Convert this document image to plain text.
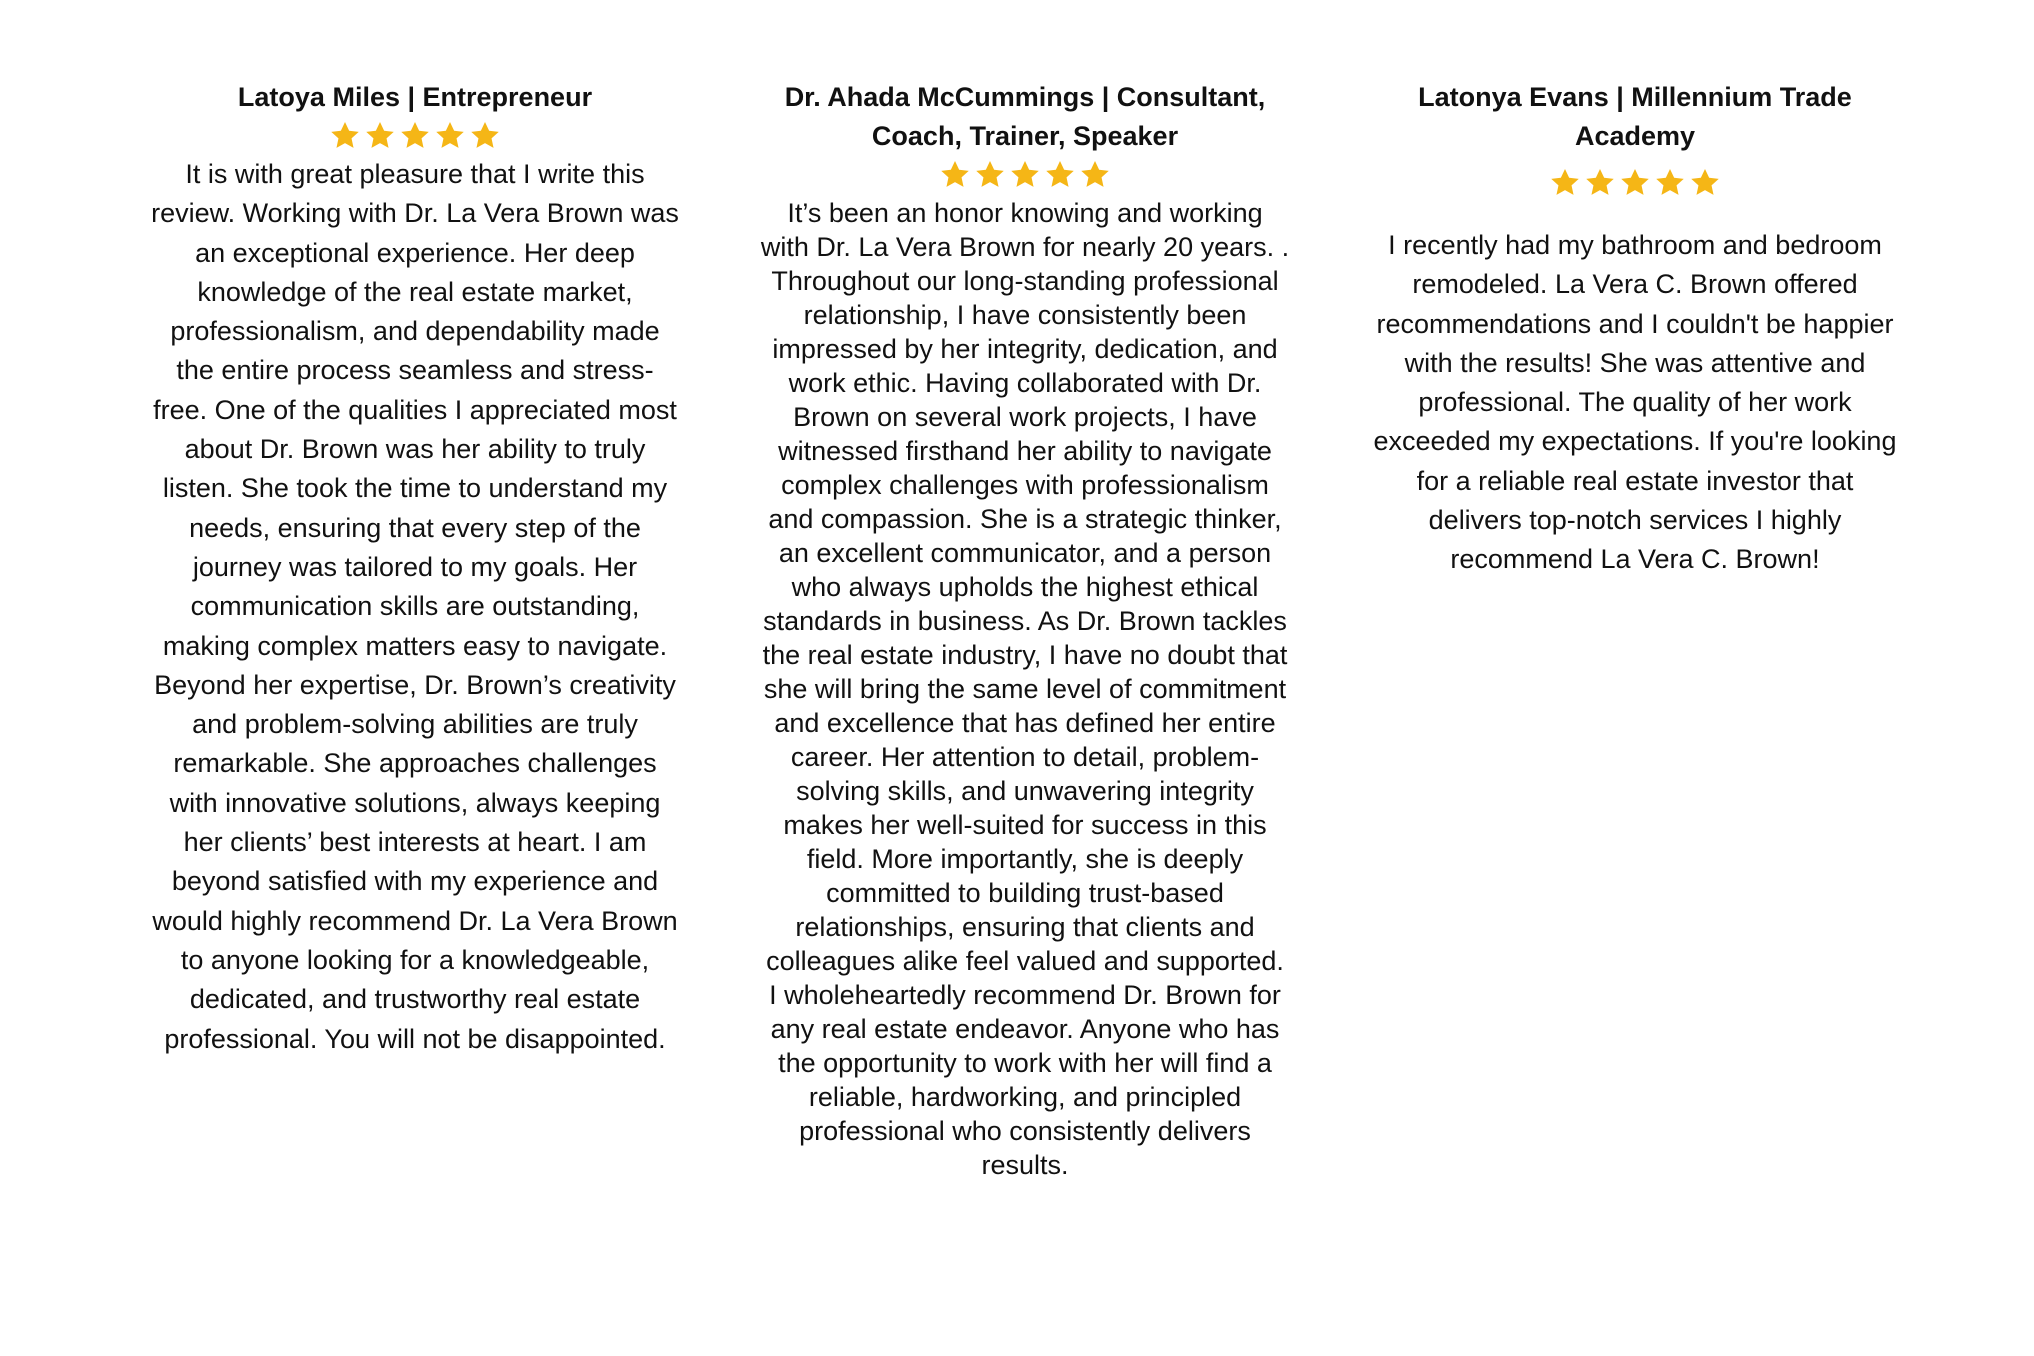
Latoya Miles | Entrepreneur

It is with great pleasure that I write this review. Working with Dr. La Vera Brown was an exceptional experience. Her deep knowledge of the real estate market, professionalism, and dependability made the entire process seamless and stress-free. One of the qualities I appreciated most about Dr. Brown was her ability to truly listen. She took the time to understand my needs, ensuring that every step of the journey was tailored to my goals. Her communication skills are outstanding, making complex matters easy to navigate. Beyond her expertise, Dr. Brown’s creativity and problem-solving abilities are truly remarkable. She approaches challenges with innovative solutions, always keeping her clients’ best interests at heart. I am beyond satisfied with my experience and would highly recommend Dr. La Vera Brown to anyone looking for a knowledgeable, dedicated, and trustworthy real estate professional. You will not be disappointed.

Dr. Ahada McCummings | Consultant, Coach, Trainer, Speaker

It’s been an honor knowing and working with Dr. La Vera Brown for nearly 20 years. . Throughout our long-standing professional relationship, I have consistently been impressed by her integrity, dedication, and work ethic. Having collaborated with Dr. Brown on several work projects, I have witnessed firsthand her ability to navigate complex challenges with professionalism and compassion. She is a strategic thinker, an excellent communicator, and a person who always upholds the highest ethical standards in business. As Dr. Brown tackles the real estate industry, I have no doubt that she will bring the same level of commitment and excellence that has defined her entire career. Her attention to detail, problem-solving skills, and unwavering integrity makes her well-suited for success in this field. More importantly, she is deeply committed to building trust-based relationships, ensuring that clients and colleagues alike feel valued and supported. I wholeheartedly recommend Dr. Brown for any real estate endeavor. Anyone who has the opportunity to work with her will find a reliable, hardworking, and principled professional who consistently delivers results.

Latonya Evans | Millennium Trade Academy

I recently had my bathroom and bedroom remodeled. La Vera C. Brown offered recommendations and I couldn't be happier with the results! She was attentive and professional. The quality of her work exceeded my expectations. If you're looking for a reliable real estate investor that delivers top-notch services I highly recommend La Vera C. Brown!
